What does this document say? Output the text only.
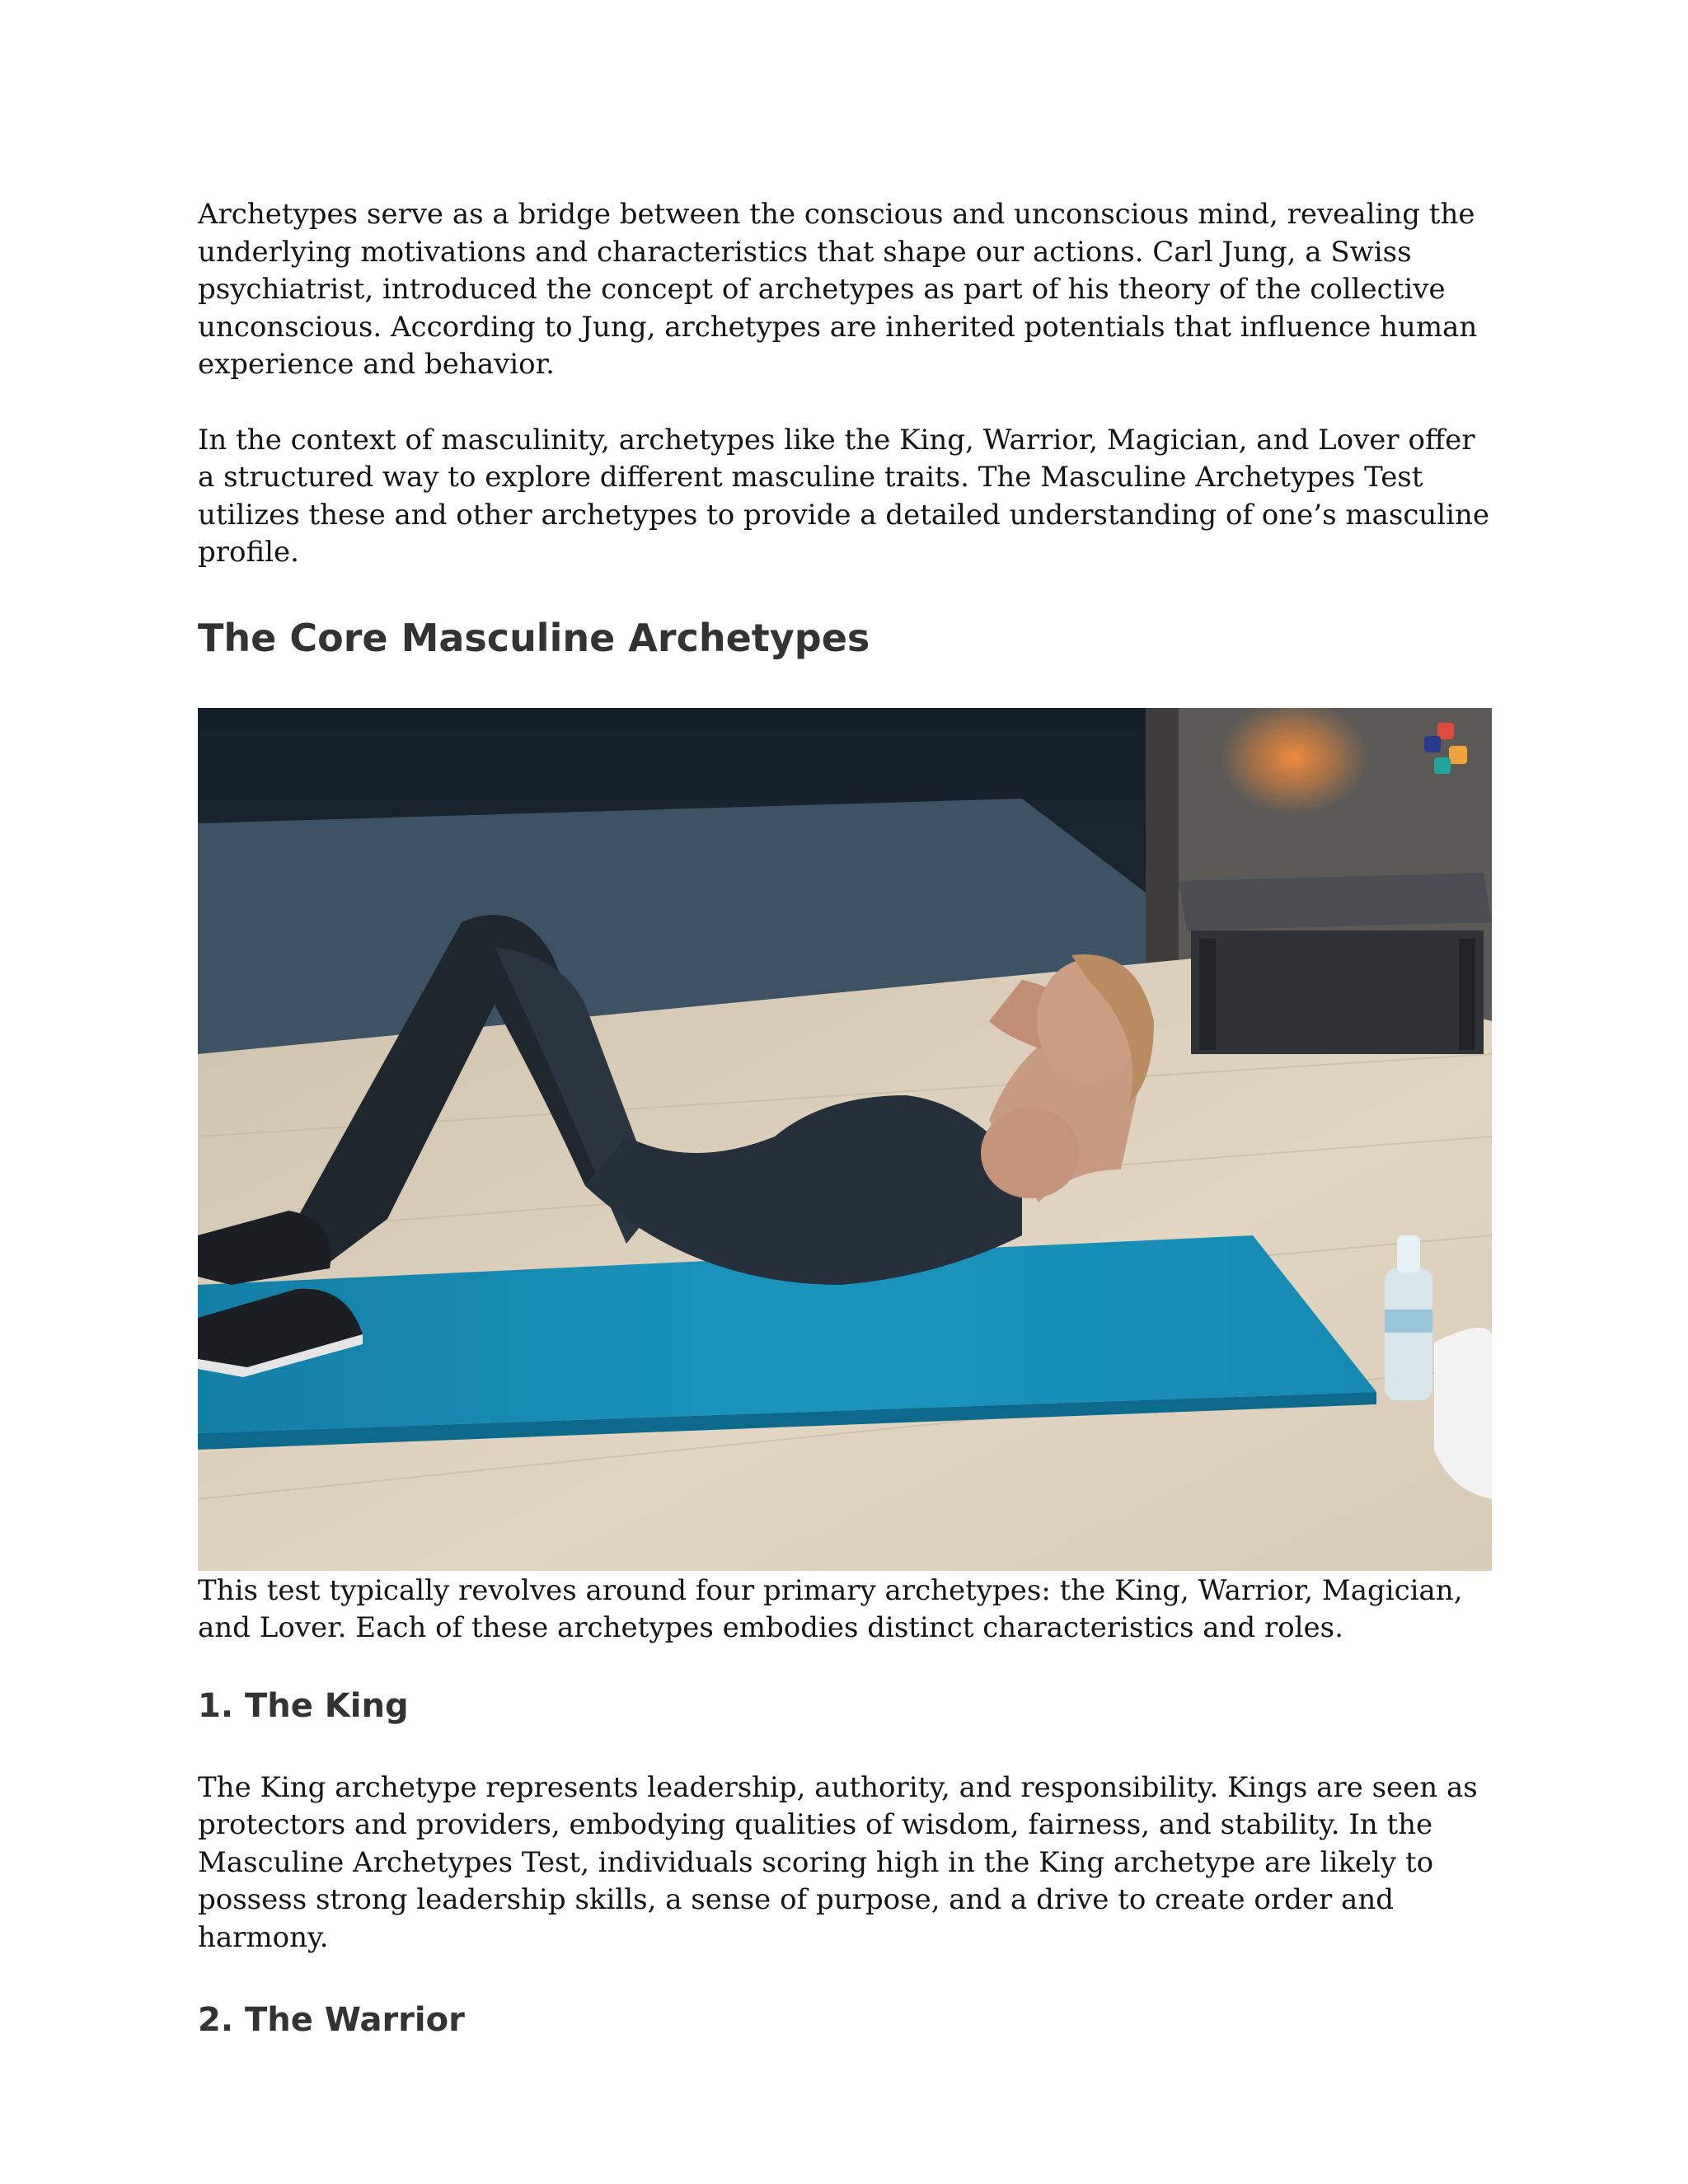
Archetypes serve as a bridge between the conscious and unconscious mind, revealing the underlying motivations and characteristics that shape our actions. Carl Jung, a Swiss psychiatrist, introduced the concept of archetypes as part of his theory of the collective unconscious. According to Jung, archetypes are inherited potentials that influence human experience and behavior.

In the context of masculinity, archetypes like the King, Warrior, Magician, and Lover offer a structured way to explore different masculine traits. The Masculine Archetypes Test utilizes these and other archetypes to provide a detailed understanding of one’s masculine profile.

The Core Masculine Archetypes

This test typically revolves around four primary archetypes: the King, Warrior, Magician, and Lover. Each of these archetypes embodies distinct characteristics and roles.

1. The King

The King archetype represents leadership, authority, and responsibility. Kings are seen as protectors and providers, embodying qualities of wisdom, fairness, and stability. In the Masculine Archetypes Test, individuals scoring high in the King archetype are likely to possess strong leadership skills, a sense of purpose, and a drive to create order and harmony.

2. The Warrior
